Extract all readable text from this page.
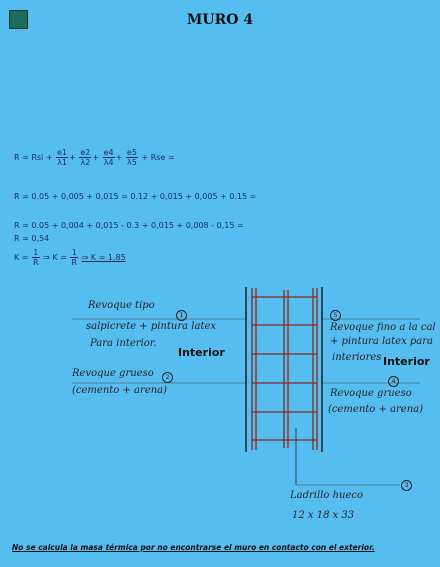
MURO 4
R = Rsi + $\frac{e1}{\lambda 1} + \frac{e2}{\lambda 2} + \frac{e4}{\lambda 4} + \frac{e5}{\lambda 5}$ + Rse =
R = 0.05 + 0,005 + 0,015 = 0.12 + 0,015 + 0,005 + 0.15 =
R = 0.05 + 0,004 + 0,015 - 0.3 + 0,015 + 0,008 - 0,15 =
R = 0,54
$K = \frac{1}{R}$ ⇒ $K = \frac{1}{R}$ ⇒ K = 1,85
Revoque tipo
salpicrete + pintura latex
Para interior.
1
Interior
Revoque grueso	2
(cemento + arena)
5
Revoque fino a la cal
+ pintura latex para
interiores Interior
4
Revoque grueso
(cemento + arena)
3
Ladrillo hueco
12 x 18 x 33
No se calcula la masa térmica por no encontrarse el muro en contacto con el exterior.
